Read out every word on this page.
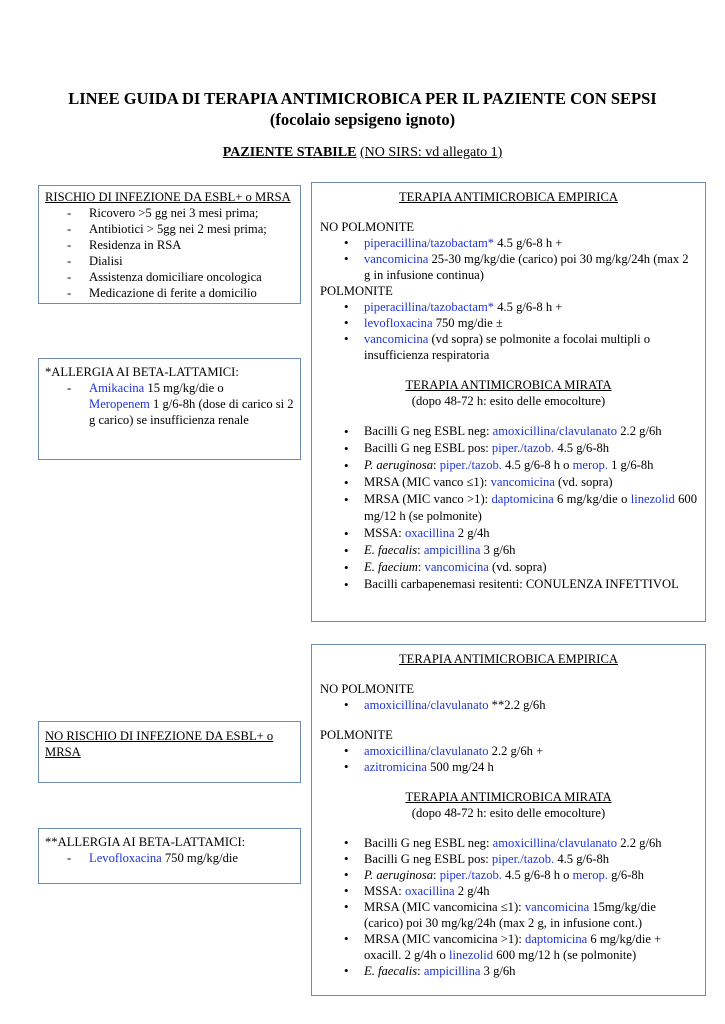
LINEE GUIDA DI TERAPIA ANTIMICROBICA PER IL PAZIENTE CON SEPSI
(focolaio sepsigeno ignoto)
PAZIENTE STABILE (NO SIRS: vd allegato 1)
RISCHIO DI INFEZIONE DA ESBL+ o MRSA
- Ricovero >5 gg nei 3 mesi prima;
- Antibiotici > 5gg nei 2 mesi prima;
- Residenza in RSA
- Dialisi
- Assistenza domiciliare oncologica
- Medicazione di ferite a domicilio
*ALLERGIA AI BETA-LATTAMICI:
- Amikacina 15 mg/kg/die o
Meropenem 1 g/6-8h (dose di carico si 2 g carico) se insufficienza renale
TERAPIA ANTIMICROBICA EMPIRICA
NO POLMONITE
• piperacillina/tazobactam* 4.5 g/6-8 h +
• vancomicina 25-30 mg/kg/die (carico) poi 30 mg/kg/24h (max 2 g in infusione continua)
POLMONITE
• piperacillina/tazobactam* 4.5 g/6-8 h +
• levofloxacina 750 mg/die ±
• vancomicina (vd sopra) se polmonite a focolai multipli o insufficienza respiratoria
TERAPIA ANTIMICROBICA MIRATA
(dopo 48-72 h: esito delle emocolture)
• Bacilli G neg ESBL neg: amoxicillina/clavulanato 2.2 g/6h
• Bacilli G neg ESBL pos: piper./tazob. 4.5 g/6-8h
• P. aeruginosa: piper./tazob. 4.5 g/6-8 h o merop. 1 g/6-8h
• MRSA (MIC vanco ≤1): vancomicina (vd. sopra)
• MRSA (MIC vanco >1): daptomicina 6 mg/kg/die o linezolid 600 mg/12 h (se polmonite)
• MSSA: oxacillina 2 g/4h
• E. faecalis: ampicillina 3 g/6h
• E. faecium: vancomicina (vd. sopra)
• Bacilli carbapenemasi resitenti: CONULENZA INFETTIVOL
TERAPIA ANTIMICROBICA EMPIRICA
NO POLMONITE
• amoxicillina/clavulanato **2.2 g/6h
POLMONITE
• amoxicillina/clavulanato 2.2 g/6h +
• azitromicina 500 mg/24 h
TERAPIA ANTIMICROBICA MIRATA
(dopo 48-72 h: esito delle emocolture)
• Bacilli G neg ESBL neg: amoxicillina/clavulanato 2.2 g/6h
• Bacilli G neg ESBL pos: piper./tazob. 4.5 g/6-8h
• P. aeruginosa: piper./tazob. 4.5 g/6-8 h o merop. g/6-8h
• MSSA: oxacillina 2 g/4h
• MRSA (MIC vancomicina ≤1): vancomicina 15mg/kg/die (carico) poi 30 mg/kg/24h (max 2 g, in infusione cont.)
• MRSA (MIC vancomicina >1): daptomicina 6 mg/kg/die + oxacill. 2 g/4h o linezolid 600 mg/12 h (se polmonite)
• E. faecalis: ampicillina 3 g/6h
NO RISCHIO DI INFEZIONE DA ESBL+ o MRSA
**ALLERGIA AI BETA-LATTAMICI:
- Levofloxacina 750 mg/kg/die
